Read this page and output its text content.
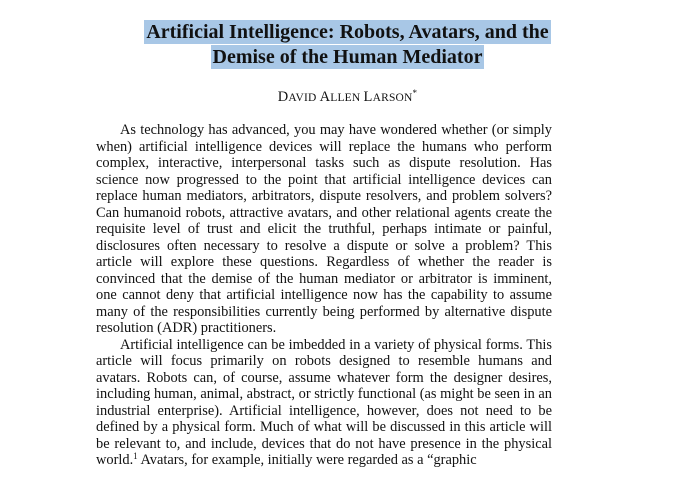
Artificial Intelligence: Robots, Avatars, and the
Demise of the Human Mediator
DAVID ALLEN LARSON*

As technology has advanced, you may have wondered whether (or simply when) artificial intelligence devices will replace the humans who perform complex, interactive, interpersonal tasks such as dispute resolution. Has science now progressed to the point that artificial intelligence devices can replace human mediators, arbitrators, dispute resolvers, and problem solvers? Can humanoid robots, attractive avatars, and other relational agents create the requisite level of trust and elicit the truthful, perhaps intimate or painful, disclosures often necessary to resolve a dispute or solve a problem? This article will explore these questions. Regardless of whether the reader is convinced that the demise of the human mediator or arbitrator is imminent, one cannot deny that artificial intelligence now has the capability to assume many of the responsibilities currently being performed by alternative dispute resolution (ADR) practitioners.

Artificial intelligence can be imbedded in a variety of physical forms. This article will focus primarily on robots designed to resemble humans and avatars. Robots can, of course, assume whatever form the designer desires, including human, animal, abstract, or strictly functional (as might be seen in an industrial enterprise). Artificial intelligence, however, does not need to be defined by a physical form. Much of what will be discussed in this article will be relevant to, and include, devices that do not have presence in the physical world.$^1$ Avatars, for example, initially were regarded as a “graphic
